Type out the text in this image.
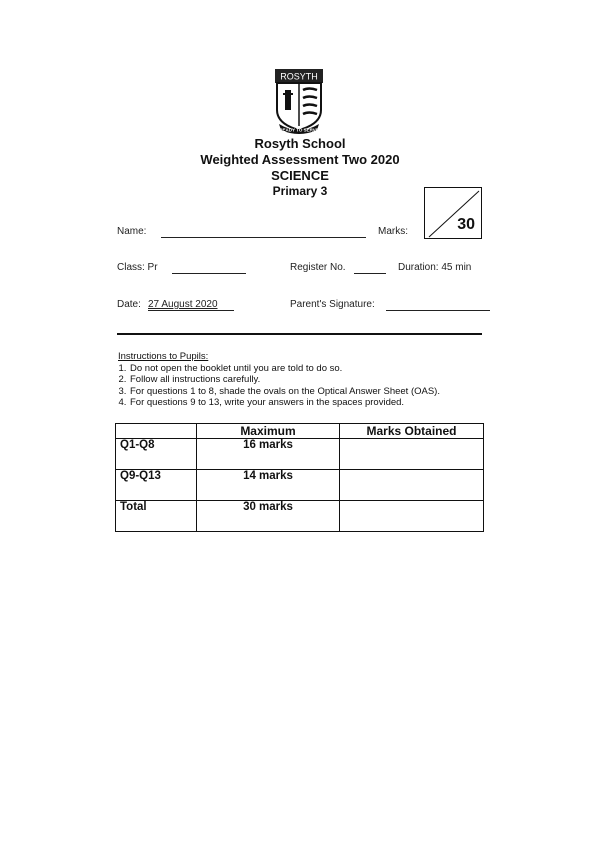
ROSYTH
READY TO SERVE
Rosyth School
Weighted Assessment Two 2020
SCIENCE
Primary 3
Name:	Marks:	30
Class: Pr	Register No.	Duration: 45 min
Date: 27 August 2020	Parent's Signature:
Instructions to Pupils:
1. Do not open the booklet until you are told to do so.
2. Follow all instructions carefully.
3. For questions 1 to 8, shade the ovals on the Optical Answer Sheet (OAS).
4. For questions 9 to 13, write your answers in the spaces provided.
	Maximum	Marks Obtained
Q1-Q8	16 marks	
Q9-Q13	14 marks	
Total	30 marks	
